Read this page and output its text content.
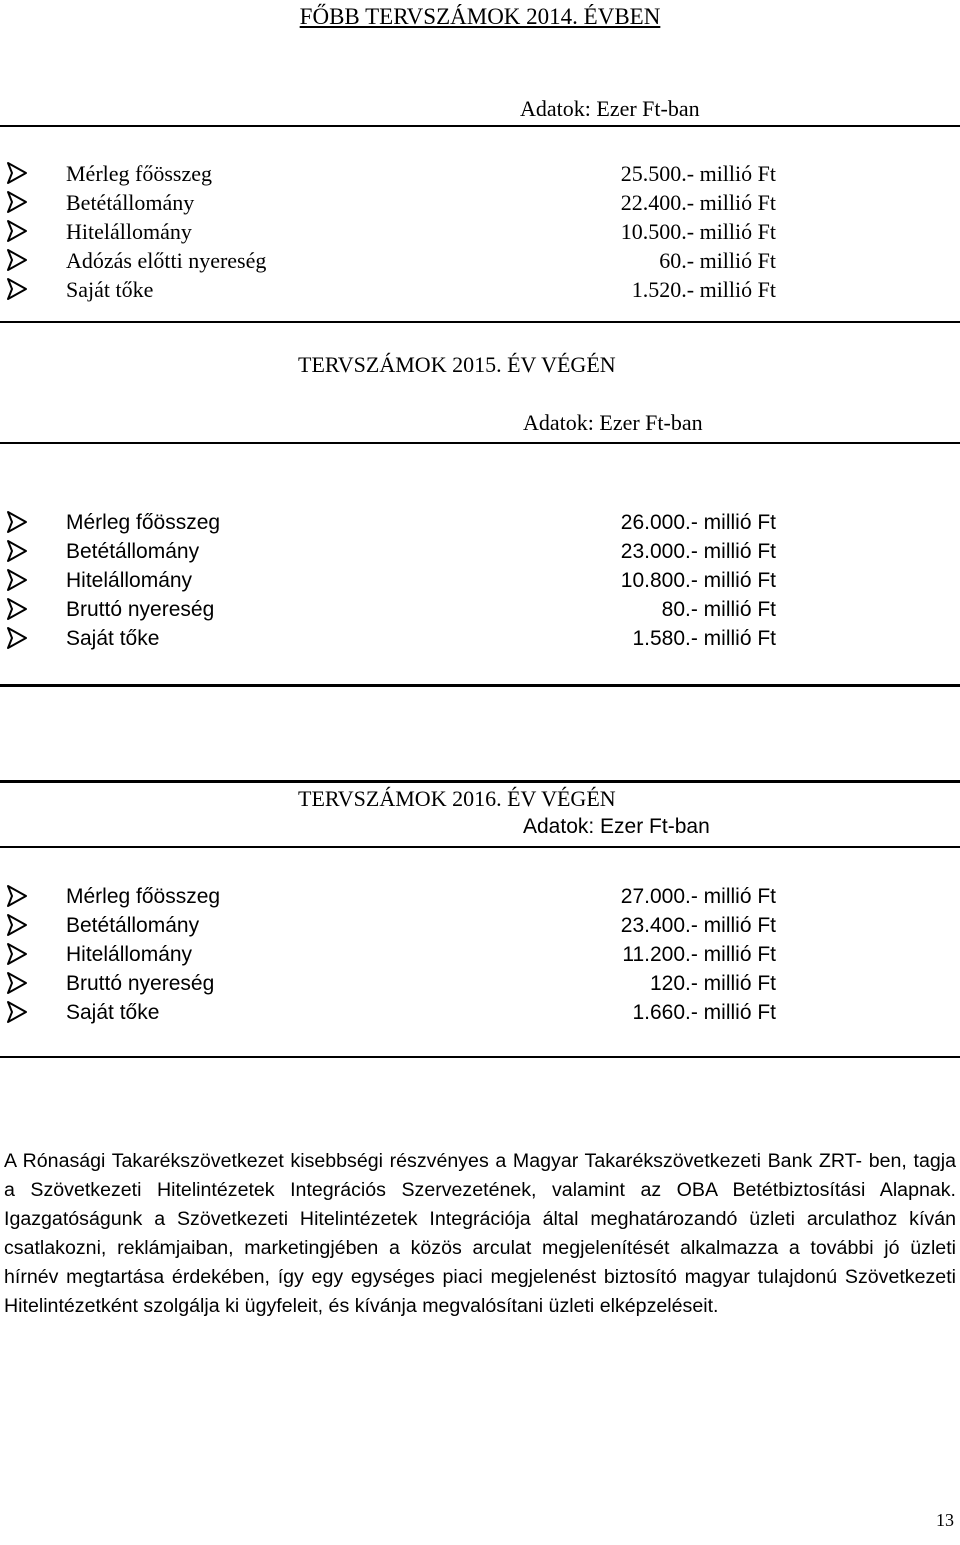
FŐBB TERVSZÁMOK 2014. ÉVBEN
Adatok: Ezer Ft-ban
Mérleg főösszeg	25.500.- millió Ft
Betétállomány	22.400.- millió Ft
Hitelállomány	10.500.- millió Ft
Adózás előtti nyereség	60.- millió Ft
Saját tőke	1.520.- millió Ft
TERVSZÁMOK 2015. ÉV VÉGÉN
Adatok: Ezer Ft-ban
Mérleg főösszeg	26.000.- millió Ft
Betétállomány	23.000.- millió Ft
Hitelállomány	10.800.- millió Ft
Bruttó nyereség	80.- millió Ft
Saját tőke	1.580.- millió Ft
TERVSZÁMOK 2016. ÉV VÉGÉN
Adatok: Ezer Ft-ban
Mérleg főösszeg	27.000.- millió Ft
Betétállomány	23.400.- millió Ft
Hitelállomány	11.200.- millió Ft
Bruttó nyereség	120.- millió Ft
Saját tőke	1.660.- millió Ft

A Rónasági Takarékszövetkezet kisebbségi részvényes a Magyar Takarékszövetkezeti Bank ZRT- ben, tagja a Szövetkezeti Hitelintézetek Integrációs Szervezetének, valamint az OBA Betétbiztosítási Alapnak. Igazgatóságunk a Szövetkezeti Hitelintézetek Integrációja által meghatározandó üzleti arculathoz kíván csatlakozni, reklámjaiban, marketingjében a közös arculat megjelenítését alkalmazza a további jó üzleti hírnév megtartása érdekében, így egy egységes piaci megjelenést biztosító magyar tulajdonú Szövetkezeti Hitelintézetként szolgálja ki ügyfeleit, és kívánja megvalósítani üzleti elképzeléseit.

13
